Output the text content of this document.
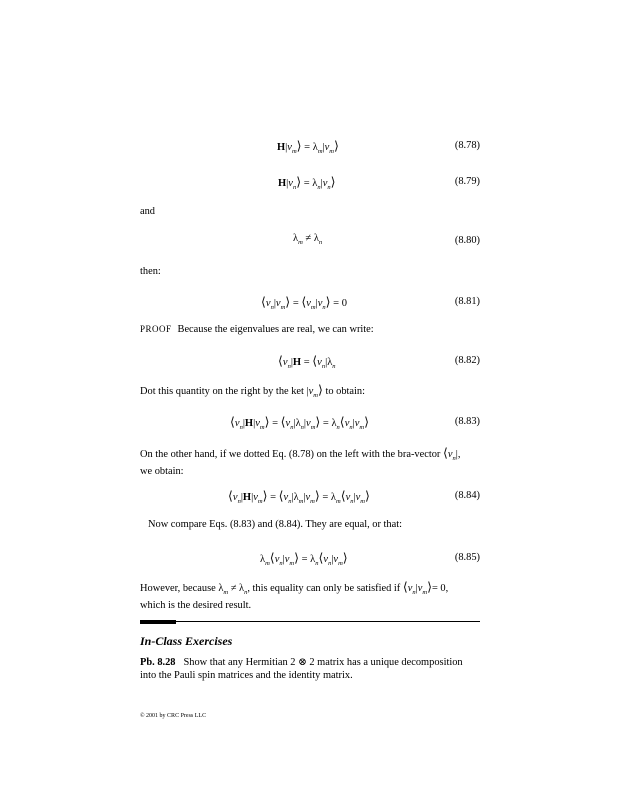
$H|v_m⟩$ = $\lambda_m|v_m⟩$	(8.78)
$H|v_n⟩$ = $\lambda_n|v_n⟩$	(8.79)
and
$\lambda_m \ne \lambda_n$	(8.80)
then:
$⟨v_n|v_m⟩$ = $⟨v_m|v_n⟩ = 0$	(8.81)
PROOF Because the eigenvalues are real, we can write:
$⟨v_n|H$ = $⟨v_n|\lambda_n$
(8.82)
Dot this quantity on the right by the ket $|v_m⟩$ to obtain:
$⟨v_n|H|v_m⟩$ = $⟨v_n|\lambda_n|v_m⟩$ = $\lambda_n⟨v_n|v_m⟩$	(8.83)
On the other hand, if we dotted Eq. (8.78) on the left with the bra-vector $⟨v_n|$,
we obtain:
$⟨v_n|H|v_m⟩$ = $⟨v_n|\lambda_m|v_m⟩$ = $\lambda_m⟨v_n|v_m⟩$	(8.84)
Now compare Eqs. (8.83) and (8.84). They are equal, or that:
$\lambda_m⟨v_n|v_m⟩$ = $\lambda_n⟨v_n|v_m⟩$	(8.85)
However, because $\lambda_m \ne \lambda_n$, this equality can only be satisfied if $⟨v_n|v_m⟩= 0$,
which is the desired result.
In-Class Exercises
Pb. 8.28 Show that any Hermitian 2 ⊗ 2 matrix has a unique decomposition into the Pauli spin matrices and the identity matrix.
© 2001 by CRC Press LLC
